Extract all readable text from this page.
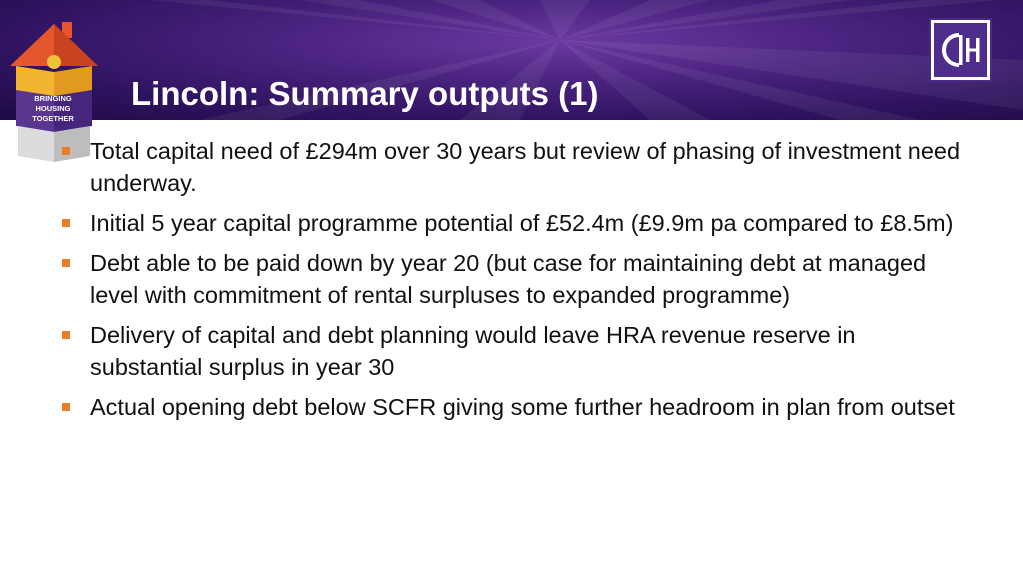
Lincoln: Summary outputs (1)
BRINGING
HOUSING
TOGETHER
Total capital need of £294m over 30 years but review of phasing of investment need underway.
Initial 5 year capital programme potential of £52.4m (£9.9m pa compared to £8.5m)
Debt able to be paid down by year 20 (but case for maintaining debt at managed level with commitment of rental surpluses to expanded programme)
Delivery of capital and debt planning would leave HRA revenue reserve in substantial surplus in year 30
Actual opening debt below SCFR giving some further headroom in plan from outset
